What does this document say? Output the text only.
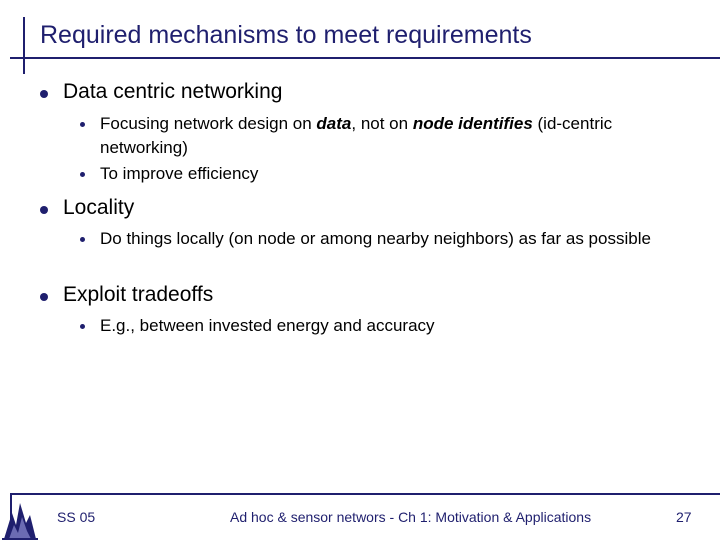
Required mechanisms to meet requirements
Data centric networking
Focusing network design on data, not on node identifies (id-centric networking)
To improve efficiency
Locality
Do things locally (on node or among nearby neighbors) as far as possible
Exploit tradeoffs
E.g., between invested energy and accuracy
SS 05	Ad hoc & sensor networs - Ch 1: Motivation & Applications	27
